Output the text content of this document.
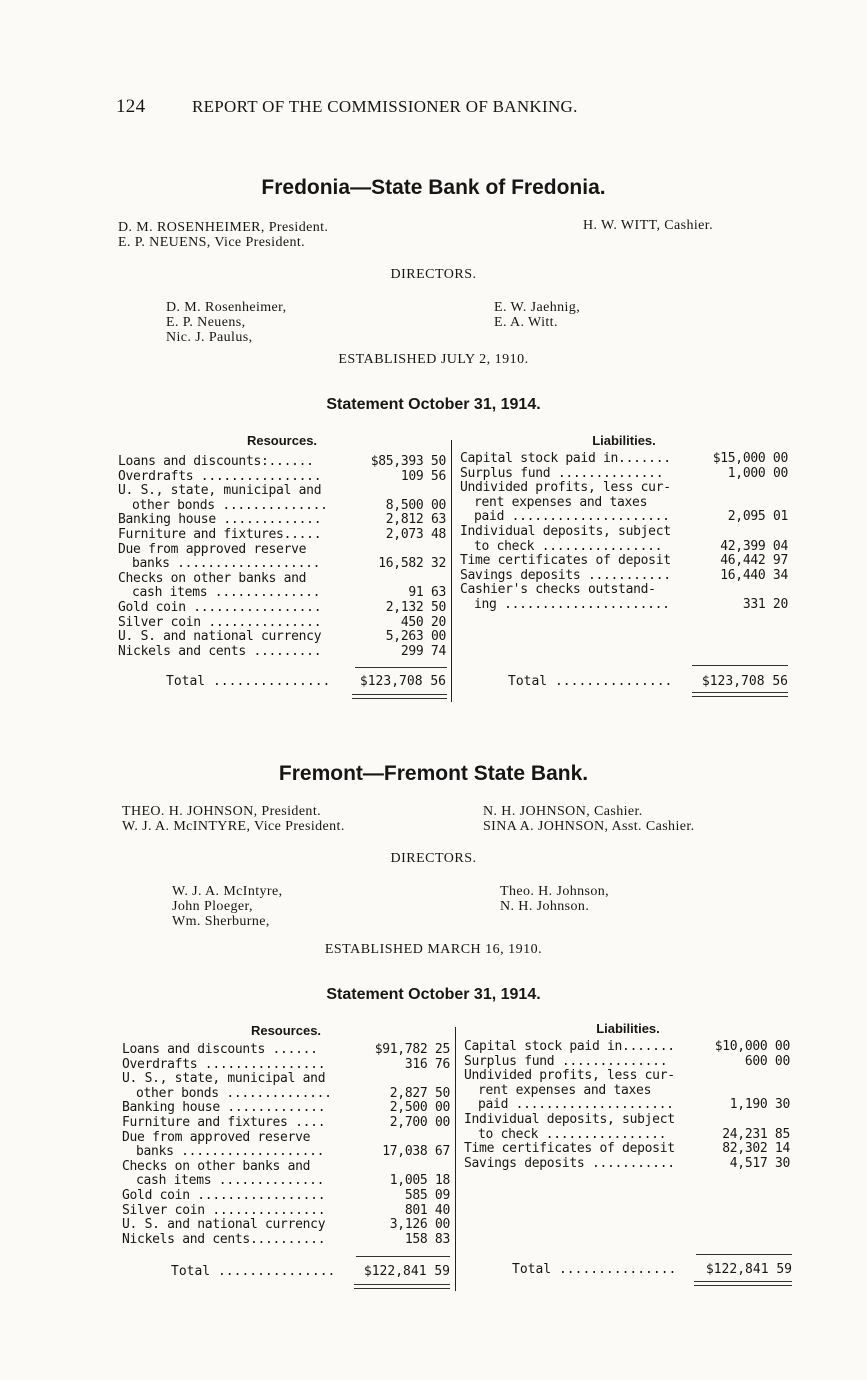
124	REPORT OF THE COMMISSIONER OF BANKING.
Fredonia—State Bank of Fredonia.
D. M. ROSENHEIMER, President.
E. P. NEUENS, Vice President.
H. W. WITT, Cashier.
DIRECTORS.
D. M. Rosenheimer,
E. P. Neuens,
Nic. J. Paulus,
E. W. Jaehnig,
E. A. Witt.
ESTABLISHED JULY 2, 1910.
Statement October 31, 1914.
Resources.
Loans and discounts:......	$85,393 50
Overdrafts ................	109 56
U. S., state, municipal and
other bonds ..............	8,500 00
Banking house .............	2,812 63
Furniture and fixtures.....	2,073 48
Due from approved reserve
banks ...................	16,582 32
Checks on other banks and
cash items ..............	91 63
Gold coin .................	2,132 50
Silver coin ...............	450 20
U. S. and national currency	5,263 00
Nickels and cents .........	299 74
Liabilities.
Capital stock paid in.......	$15,000 00
Surplus fund ..............	1,000 00
Undivided profits, less cur-
rent expenses and taxes
paid .....................	2,095 01
Individual deposits, subject
to check ................	42,399 04
Time certificates of deposit	46,442 97
Savings deposits ...........	16,440 34
Cashier's checks outstand-
ing ......................	331 20
Total ............... $123,708 56	Total ...............	$123,708 56
Fremont—Fremont State Bank.
THEO. H. JOHNSON, President.
W. J. A. McINTYRE, Vice President.
N. H. JOHNSON, Cashier.
SINA A. JOHNSON, Asst. Cashier.
DIRECTORS.
W. J. A. McIntyre,
John Ploeger,
Wm. Sherburne,
Theo. H. Johnson,
N. H. Johnson.
ESTABLISHED MARCH 16, 1910.
Statement October 31, 1914.
Resources.
Loans and discounts ......	$91,782 25
Overdrafts ................	316 76
U. S., state, municipal and
other bonds ..............	2,827 50
Banking house .............	2,500 00
Furniture and fixtures ....	2,700 00
Due from approved reserve
banks ...................	17,038 67
Checks on other banks and
cash items ..............	1,005 18
Gold coin .................	585 09
Silver coin ...............	801 40
U. S. and national currency	3,126 00
Nickels and cents..........	158 83
Liabilities.
Capital stock paid in.......	$10,000 00
Surplus fund ..............	600 00
Undivided profits, less cur-
rent expenses and taxes
paid .....................	1,190 30
Individual deposits, subject
to check ................	24,231 85
Time certificates of deposit	82,302 14
Savings deposits ...........	4,517 30
Total ...............	$122,841 59	Total ...............	$122,841 59
